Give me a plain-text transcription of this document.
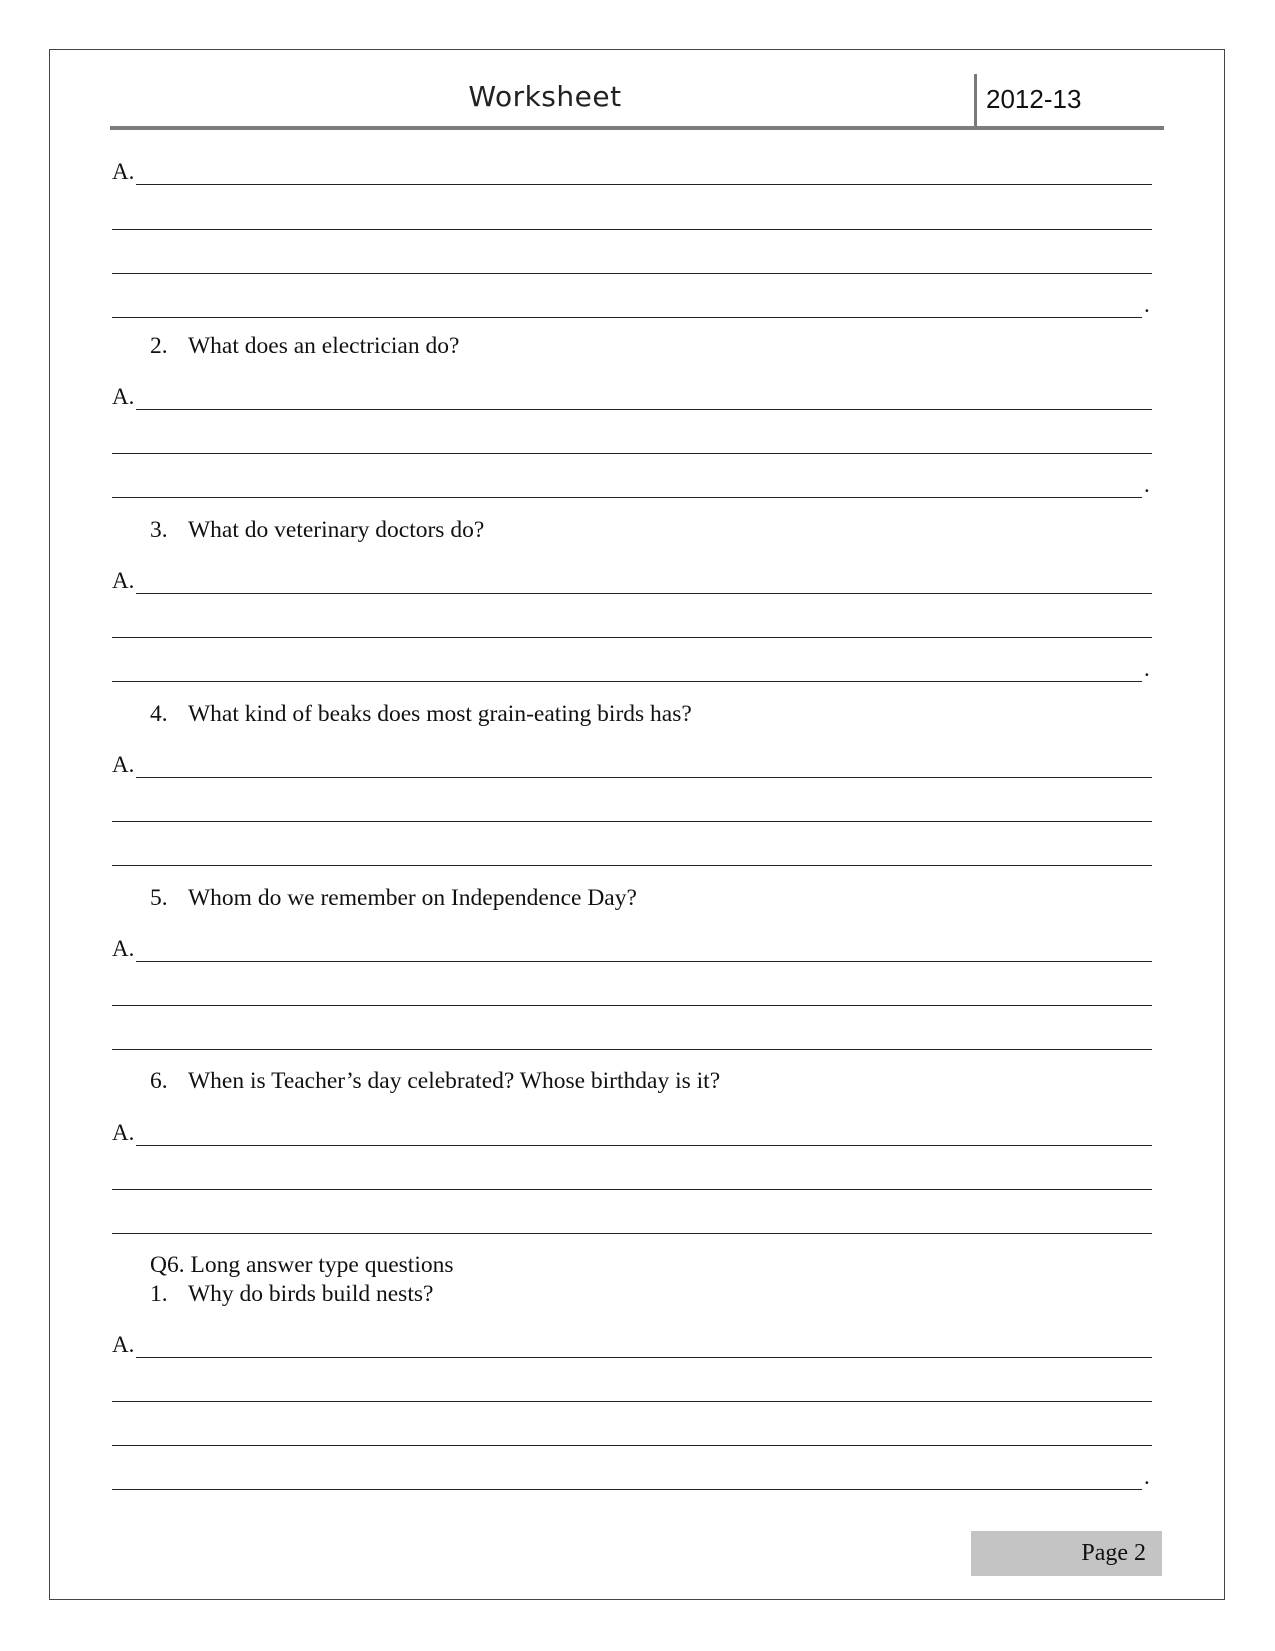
Worksheet	2012-13
A.
.
2. What does an electrician do?
A.
.
3. What do veterinary doctors do?
A.
.
4. What kind of beaks does most grain-eating birds has?
A.
5. Whom do we remember on Independence Day?
A.
6. When is Teacher’s day celebrated? Whose birthday is it?
A.
Q6. Long answer type questions
1. Why do birds build nests?
A.
.
Page 2
